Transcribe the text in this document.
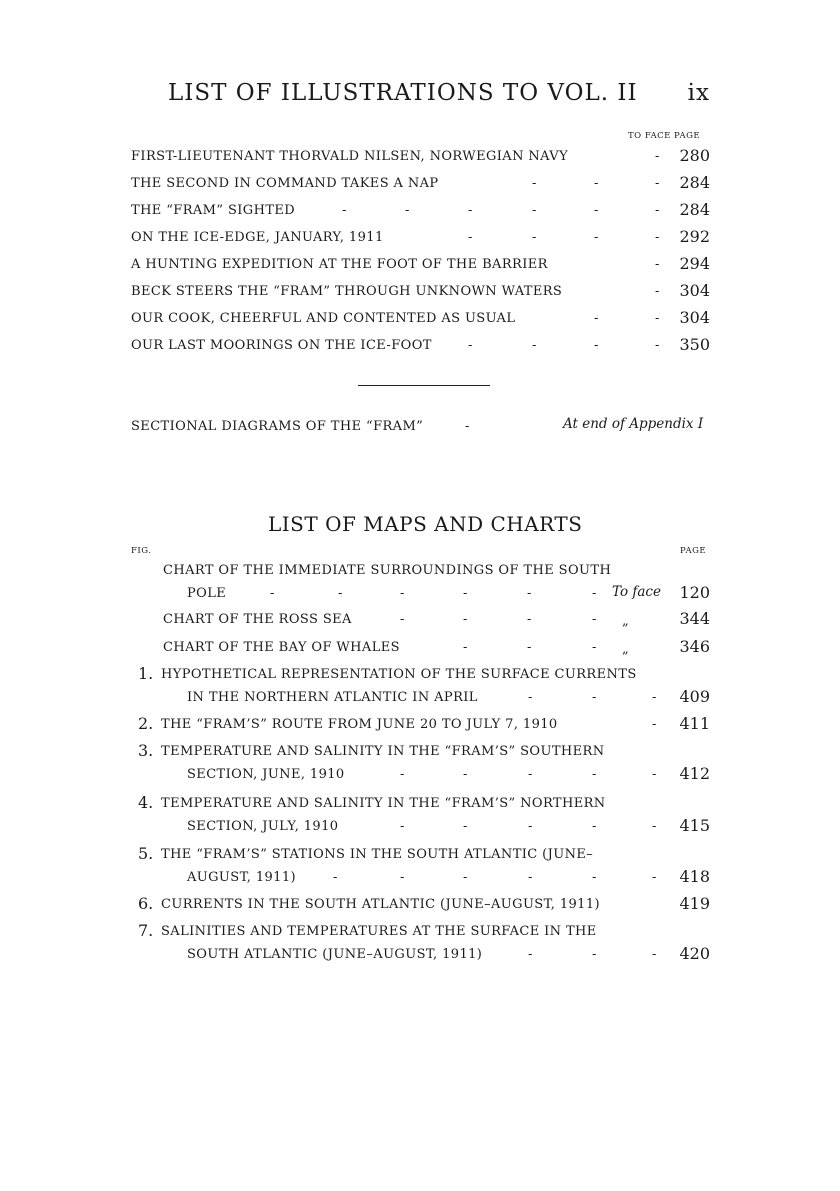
LIST OF ILLUSTRATIONS TO VOL. II ix
TO FACE PAGE
FIRST-LIEUTENANT THORVALD NILSEN, NORWEGIAN NAVY	-	280
THE SECOND IN COMMAND TAKES A NAP	-	-	-	284
THE “FRAM” SIGHTED	-	-	-	-	-	-	284
ON THE ICE-EDGE, JANUARY, 1911	-	-	-	-	292
A HUNTING EXPEDITION AT THE FOOT OF THE BARRIER	-	294
BECK STEERS THE “FRAM” THROUGH UNKNOWN WATERS	-	304
OUR COOK, CHEERFUL AND CONTENTED AS USUAL	-	-	304
OUR LAST MOORINGS ON THE ICE-FOOT	-	-	-	-	350
SECTIONAL DIAGRAMS OF THE “FRAM”	-	At end of Appendix I
LIST OF MAPS AND CHARTS
FIG.	PAGE
CHART OF THE IMMEDIATE SURROUNDINGS OF THE SOUTH
POLE	-	-	-	-	-	- To face	120
CHART OF THE ROSS SEA	-	-	-	- „	344
CHART OF THE BAY OF WHALES	-	-	- „	346
1. HYPOTHETICAL REPRESENTATION OF THE SURFACE CURRENTS
IN THE NORTHERN ATLANTIC IN APRIL	-	-	-	409
2. THE “FRAM’S” ROUTE FROM JUNE 20 TO JULY 7, 1910	-	411
3. TEMPERATURE AND SALINITY IN THE “FRAM’S” SOUTHERN
SECTION, JUNE, 1910	-	-	-	-	-	412
4. TEMPERATURE AND SALINITY IN THE “FRAM’S” NORTHERN
SECTION, JULY, 1910	-	-	-	-	-	415
5. THE “FRAM’S” STATIONS IN THE SOUTH ATLANTIC (JUNE–
AUGUST, 1911)	-	-	-	-	-	-	418
6. CURRENTS IN THE SOUTH ATLANTIC (JUNE–AUGUST, 1911)	419
7. SALINITIES AND TEMPERATURES AT THE SURFACE IN THE
SOUTH ATLANTIC (JUNE–AUGUST, 1911)	-	-	-	420
